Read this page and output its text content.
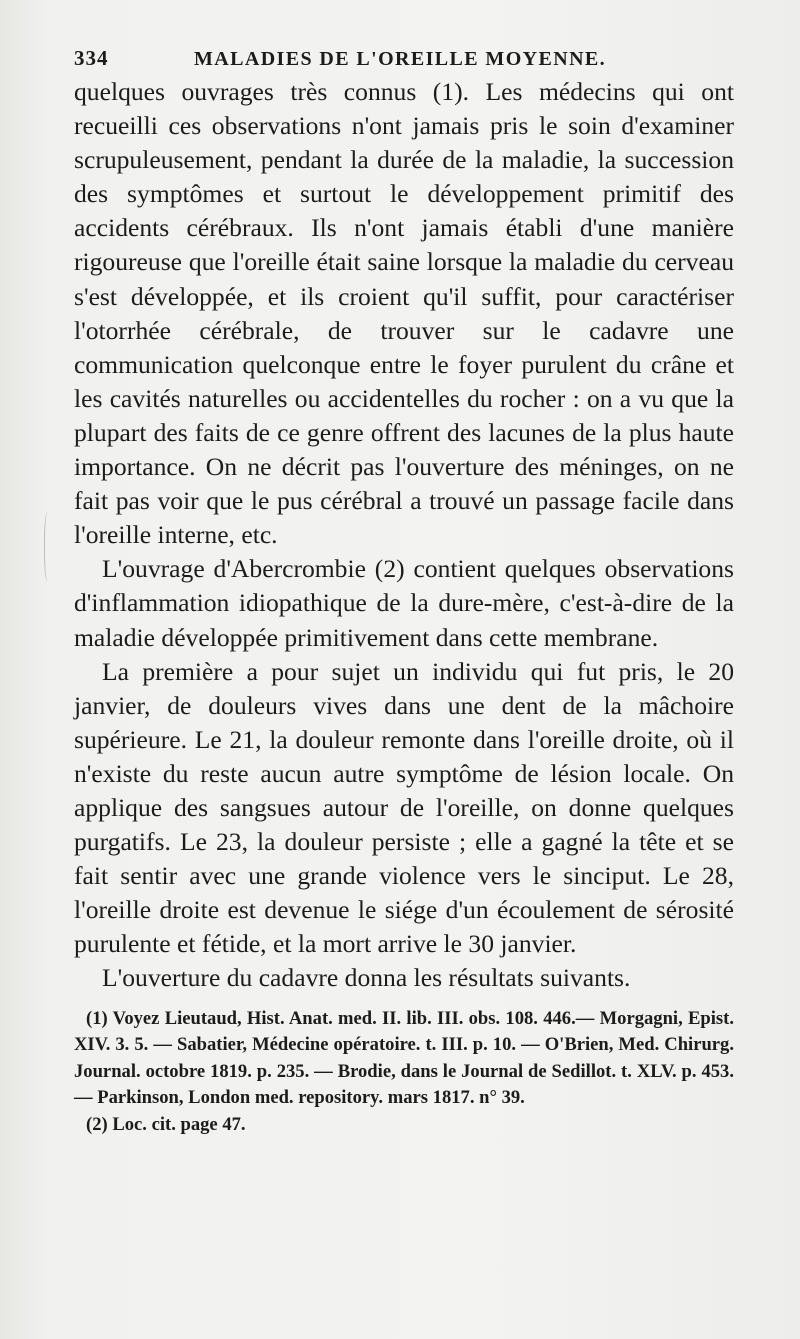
334	MALADIES DE L'OREILLE MOYENNE.

quelques ouvrages très connus (1). Les médecins qui ont recueilli ces observations n'ont jamais pris le soin d'examiner scrupuleusement, pendant la durée de la maladie, la succession des symptômes et surtout le développement primitif des accidents cérébraux. Ils n'ont jamais établi d'une manière rigoureuse que l'oreille était saine lorsque la maladie du cerveau s'est développée, et ils croient qu'il suffit, pour caractériser l'otorrhée cérébrale, de trouver sur le cadavre une communication quelconque entre le foyer purulent du crâne et les cavités naturelles ou accidentelles du rocher : on a vu que la plupart des faits de ce genre offrent des lacunes de la plus haute importance. On ne décrit pas l'ouverture des méninges, on ne fait pas voir que le pus cérébral a trouvé un passage facile dans l'oreille interne, etc.

L'ouvrage d'Abercrombie (2) contient quelques observations d'inflammation idiopathique de la dure-mère, c'est-à-dire de la maladie développée primitivement dans cette membrane.

La première a pour sujet un individu qui fut pris, le 20 janvier, de douleurs vives dans une dent de la mâchoire supérieure. Le 21, la douleur remonte dans l'oreille droite, où il n'existe du reste aucun autre symptôme de lésion locale. On applique des sangsues autour de l'oreille, on donne quelques purgatifs. Le 23, la douleur persiste ; elle a gagné la tête et se fait sentir avec une grande violence vers le sinciput. Le 28, l'oreille droite est devenue le siége d'un écoulement de sérosité purulente et fétide, et la mort arrive le 30 janvier.

L'ouverture du cadavre donna les résultats suivants.

(1) Voyez Lieutaud, Hist. Anat. med. II. lib. III. obs. 108. 446.— Morgagni, Epist. XIV. 3. 5. — Sabatier, Médecine opératoire. t. III. p. 10. — O'Brien, Med. Chirurg. Journal. octobre 1819. p. 235. — Brodie, dans le Journal de Sedillot. t. XLV. p. 453.— Parkinson, London med. repository. mars 1817. n° 39.

(2) Loc. cit. page 47.
